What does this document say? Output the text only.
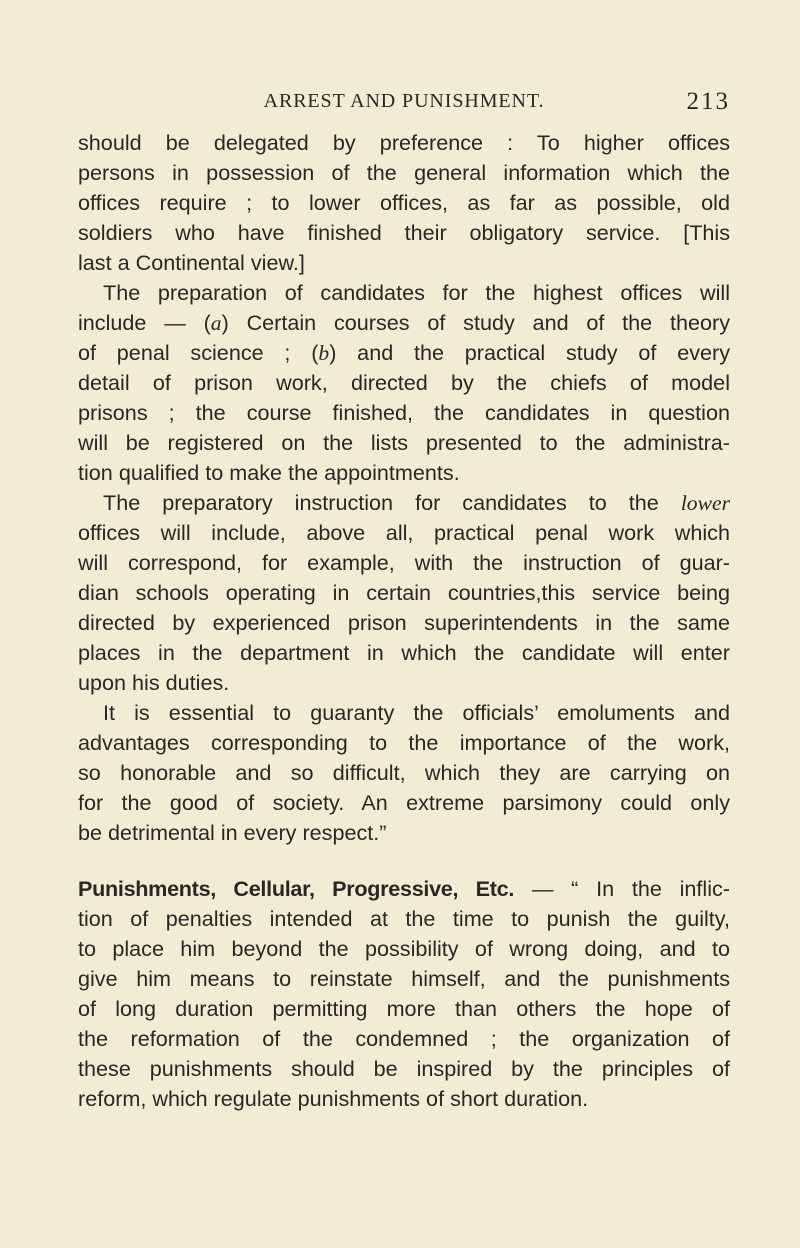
ARREST AND PUNISHMENT.	213
should be delegated by preference : To higher offices
persons in possession of the general information which the
offices require ; to lower offices, as far as possible, old
soldiers who have finished their obligatory service. [This
last a Continental view.]
The preparation of candidates for the highest offices will
include — (a) Certain courses of study and of the theory
of penal science ; (b) and the practical study of every
detail of prison work, directed by the chiefs of model
prisons ; the course finished, the candidates in question
will be registered on the lists presented to the administra-
tion qualified to make the appointments.
The preparatory instruction for candidates to the lower
offices will include, above all, practical penal work which
will correspond, for example, with the instruction of guar-
dian schools operating in certain countries,this service being
directed by experienced prison superintendents in the same
places in the department in which the candidate will enter
upon his duties.
It is essential to guaranty the officials’ emoluments and
advantages corresponding to the importance of the work,
so honorable and so difficult, which they are carrying on
for the good of society. An extreme parsimony could only
be detrimental in every respect.”
Punishments, Cellular, Progressive, Etc. — “ In the inflic-
tion of penalties intended at the time to punish the guilty,
to place him beyond the possibility of wrong doing, and to
give him means to reinstate himself, and the punishments
of long duration permitting more than others the hope of
the reformation of the condemned ; the organization of
these punishments should be inspired by the principles of
reform, which regulate punishments of short duration.
